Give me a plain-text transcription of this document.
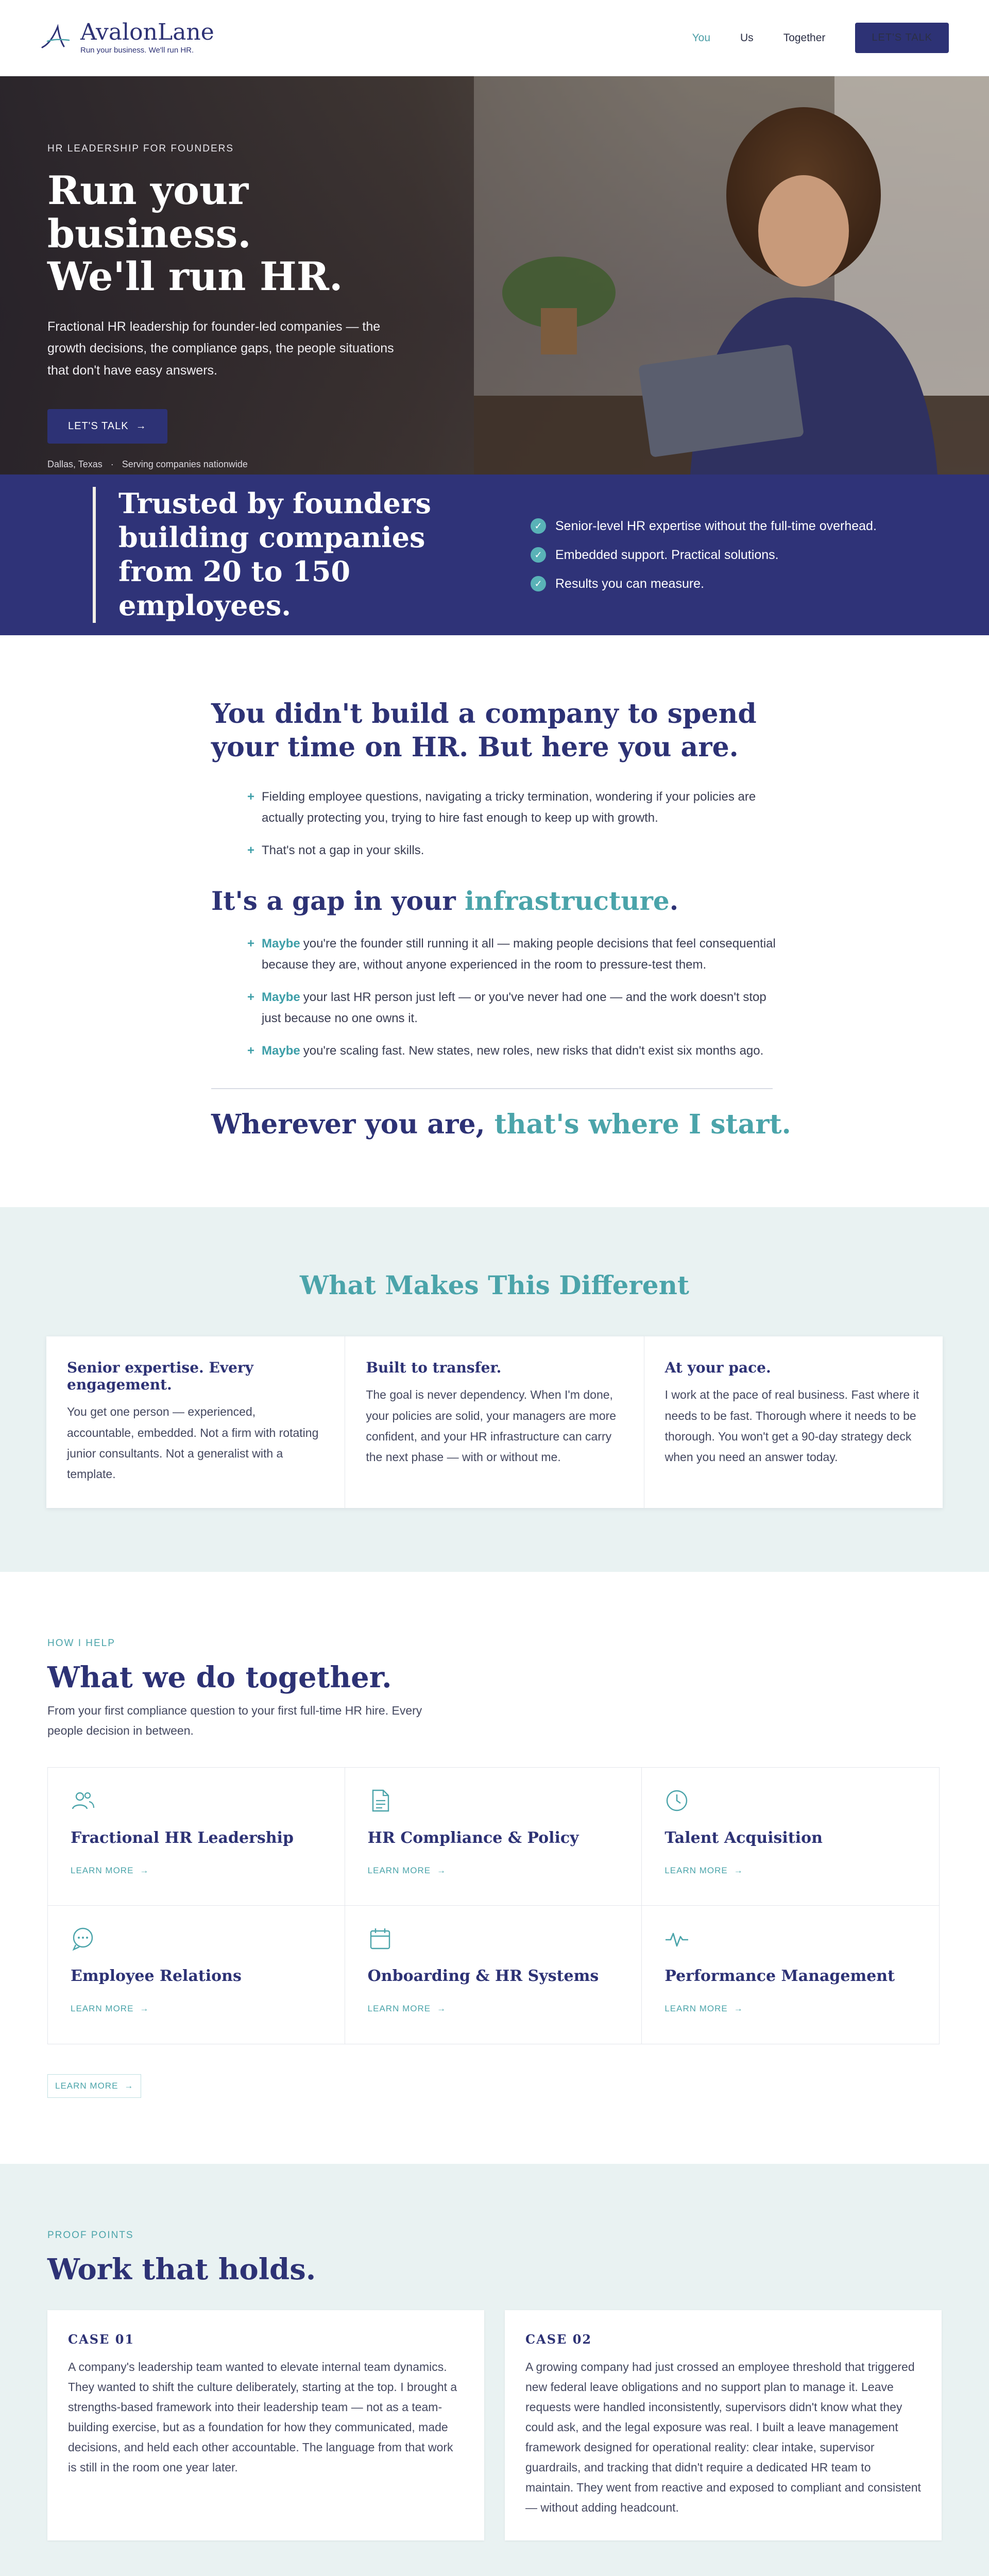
AvalonLane
Run your business. We'll run HR.
You	Us	Together	LET'S TALK
HR LEADERSHIP FOR FOUNDERS
Run your business.
We'll run HR.

Fractional HR leadership for founder-led companies — the growth decisions, the compliance gaps, the people situations that don't have easy answers.

LET'S TALK →
Dallas, Texas · Serving companies nationwide
Trusted by founders building companies from 20 to 150 employees.
✓ Senior-level HR expertise without the full-time overhead.
✓ Embedded support. Practical solutions.
✓ Results you can measure.
You didn't build a company to spend your time on HR. But here you are.
+ Fielding employee questions, navigating a tricky termination, wondering if your policies are actually protecting you, trying to hire fast enough to keep up with growth.
+ That's not a gap in your skills.
It's a gap in your infrastructure.
+ Maybe you're the founder still running it all — making people decisions that feel consequential because they are, without anyone experienced in the room to pressure-test them.
+ Maybe your last HR person just left — or you've never had one — and the work doesn't stop just because no one owns it.
+ Maybe you're scaling fast. New states, new roles, new risks that didn't exist six months ago.
Wherever you are, that's where I start.
What Makes This Different
Senior expertise. Every engagement.

You get one person — experienced, accountable, embedded. Not a firm with rotating junior consultants. Not a generalist with a template.

Built to transfer.

The goal is never dependency. When I'm done, your policies are solid, your managers are more confident, and your HR infrastructure can carry the next phase — with or without me.

At your pace.

I work at the pace of real business. Fast where it needs to be fast. Thorough where it needs to be thorough. You won't get a 90-day strategy deck when you need an answer today.

HOW I HELP
What we do together.

From your first compliance question to your first full-time HR hire. Every people decision in between.

Fractional HR Leadership
LEARN MORE →
HR Compliance & Policy
LEARN MORE →
Talent Acquisition
LEARN MORE →
Employee Relations
LEARN MORE →
Onboarding & HR Systems
LEARN MORE →
Performance Management
LEARN MORE →
LEARN MORE →
PROOF POINTS
Work that holds.
CASE 01

A company's leadership team wanted to elevate internal team dynamics. They wanted to shift the culture deliberately, starting at the top. I brought a strengths-based framework into their leadership team — not as a team-building exercise, but as a foundation for how they communicated, made decisions, and held each other accountable. The language from that work is still in the room one year later.

CASE 02

A growing company had just crossed an employee threshold that triggered new federal leave obligations and no support plan to manage it. Leave requests were handled inconsistently, supervisors didn't know what they could ask, and the legal exposure was real. I built a leave management framework designed for operational reality: clear intake, supervisor guardrails, and tracking that didn't require a dedicated HR team to maintain. They went from reactive and exposed to compliant and consistent — without adding headcount.
